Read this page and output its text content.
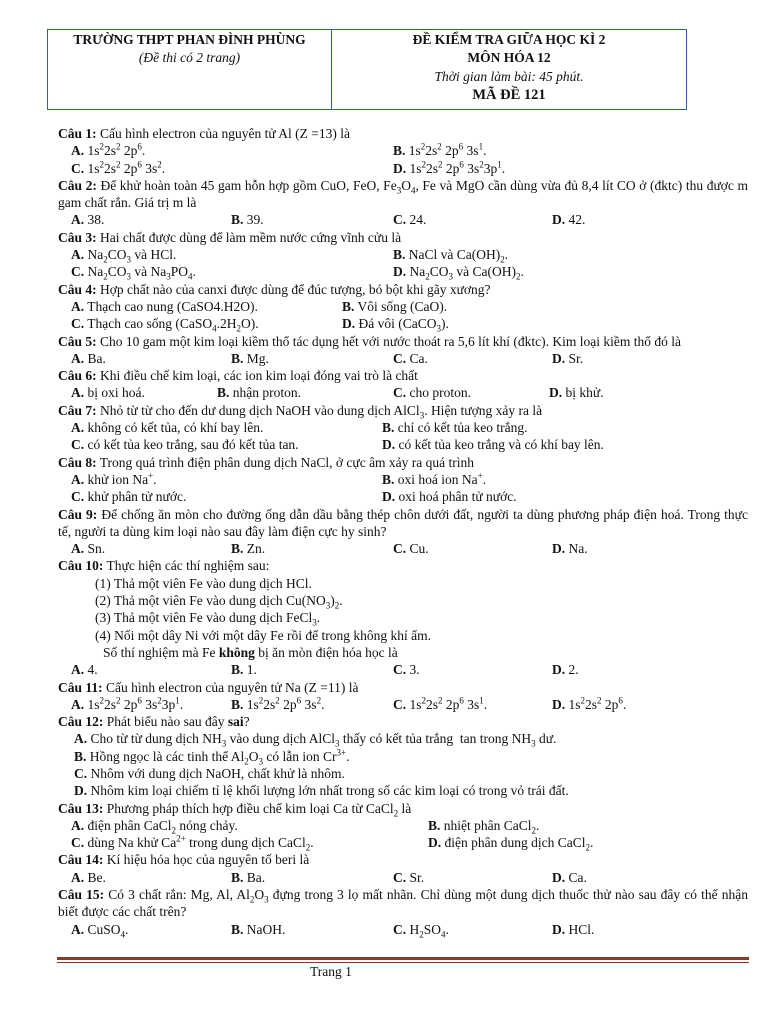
TRƯỜNG THPT PHAN ĐÌNH PHÙNG
(Đề thi có 2 trang)
ĐỀ KIỂM TRA GIỮA HỌC KÌ 2
MÔN HÓA 12
Thời gian làm bài: 45 phút.
MÃ ĐỀ 121

Câu 1: Cấu hình electron của nguyên tử Al (Z =13) là

A. $1s^22s^2$ $2p^6$.	B. $1s^22s^2$ $2p^6$ $3s^1$.
C. $1s^22s^2$ $2p^6$ $3s^2$.	D. $1s^22s^2$ $2p^6$ $3s^23p^1$.

Câu 2: Để khử hoàn toàn 45 gam hỗn hợp gồm CuO, FeO, $Fe_3O_4$, Fe và MgO cần dùng vừa đủ 8,4 lít CO ở (đktc) thu được m gam chất rắn. Giá trị m là

A. 38.	B. 39.	C. 24.	D. 42.

Câu 3: Hai chất được dùng để làm mềm nước cứng vĩnh cửu là

A. $Na_2CO_3$ và HCl.	B. NaCl và $Ca(OH)_2$.
C. $Na_2CO_3$ và $Na_3PO_4$.	D. $Na_2CO_3$ và $Ca(OH)_2$.

Câu 4: Hợp chất nào của canxi được dùng để đúc tượng, bó bột khi gãy xương?

A. Thạch cao nung (CaSO4.H2O).	B. Vôi sống (CaO).
C. Thạch cao sống $(CaSO_4.2H_2O)$.	D. Đá vôi (CaCO$_3$).

Câu 5: Cho 10 gam một kim loại kiềm thổ tác dụng hết với nước thoát ra 5,6 lít khí (đktc). Kim loại kiềm thổ đó là

A. Ba.	B. Mg.	C. Ca.	D. Sr.

Câu 6: Khi điều chế kim loại, các ion kim loại đóng vai trò là chất

A. bị oxi hoá.	B. nhận proton.	C. cho proton.	D. bị khử.

Câu 7: Nhỏ từ từ cho đến dư dung dịch NaOH vào dung dịch AlCl$_3$. Hiện tượng xảy ra là

A. không có kết tủa, có khí bay lên.	B. chỉ có kết tủa keo trắng.
C. có kết tủa keo trắng, sau đó kết tủa tan.	D. có kết tủa keo trắng và có khí bay lên.

Câu 8: Trong quá trình điện phân dung dịch NaCl, ở cực âm xảy ra quá trình

A. khử ion Na+.	B. oxi hoá ion Na+.
C. khử phân tử nước.	D. oxi hoá phân tử nước.

Câu 9: Để chống ăn mòn cho đường ống dẫn dầu bằng thép chôn dưới đất, người ta dùng phương pháp điện hoá. Trong thực tế, người ta dùng kim loại nào sau đây làm điện cực hy sinh?

A. Sn.	B. Zn.	C. Cu.	D. Na.

Câu 10: Thực hiện các thí nghiệm sau:

(1) Thả một viên Fe vào dung dịch HCl.

(2) Thả một viên Fe vào dung dịch $Cu(NO_3)_2$.

(3) Thả một viên Fe vào dung dịch FeCl$_3$.

(4) Nối một dây Ni với một dây Fe rồi để trong không khí ẩm.

Số thí nghiệm mà Fe không bị ăn mòn điện hóa học là

A. 4.	B. 1.	C. 3.	D. 2.

Câu 11: Cấu hình electron của nguyên tử Na (Z =11) là

A. $1s^22s^2$ $2p^6$ $3s^23p^1$.	B. $1s^22s^2$ $2p^6$ $3s^2$.	C. $1s^22s^2$ $2p^6$ $3s^1$.	D. $1s^22s^2$ $2p^6$.

Câu 12: Phát biểu nào sau đây sai?

A. Cho từ từ dung dịch $NH_3$ vào dung dịch AlCl$_3$ thấy có kết tủa trắng  tan trong $NH_3$ dư.

B. Hồng ngọc là các tinh thể $Al_2O_3$ có lẫn ion $Cr^{3+}$.

C. Nhôm với dung dịch NaOH, chất khử là nhôm.

D. Nhôm kim loại chiếm tỉ lệ khối lượng lớn nhất trong số các kim loại có trong vỏ trái đất.

Câu 13: Phương pháp thích hợp điều chế kim loại Ca từ CaCl$_2$ là

A. điện phân CaCl$_2$ nóng chảy.	B. nhiệt phân CaCl$_2$.
C. dùng Na khử $Ca^{2+}$ trong dung dịch CaCl$_2$.	D. điện phân dung dịch CaCl$_2$.

Câu 14: Kí hiệu hóa học của nguyên tố beri là

A. Be.	B. Ba.	C. Sr.	D. Ca.

Câu 15: Có 3 chất rắn: Mg, Al, $Al_2O_3$ đựng trong 3 lọ mất nhãn. Chỉ dùng một dung dịch thuốc thử nào sau đây có thể nhận biết được các chất trên?

A. CuSO$_4$.	B. NaOH.	C. $H_2SO_4$.	D. HCl.
Trang 1
